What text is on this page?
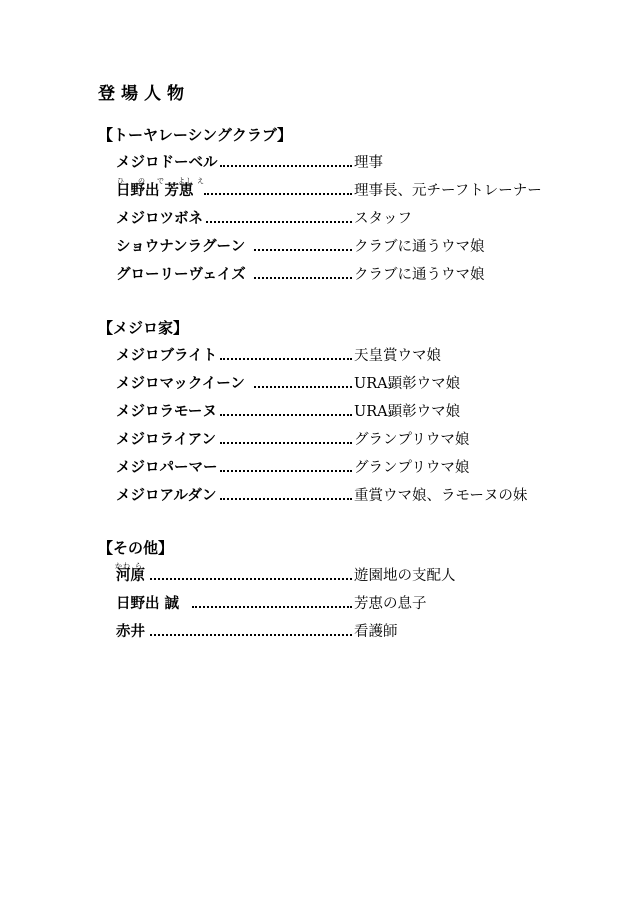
登場人物
【トーヤレーシングクラブ】
メジロドーベル	理事
ひ の で よし え
日野出 芳恵	理事長、元チーフトレーナー
メジロツボネ	スタッフ
ショウナンラグーン	クラブに通うウマ娘
グローリーヴェイズ	クラブに通うウマ娘
【メジロ家】
メジロブライト	天皇賞ウマ娘
メジロマックイーン	URA顕彰ウマ娘
メジロラモーヌ	URA顕彰ウマ娘
メジロライアン	グランプリウマ娘
メジロパーマー	グランプリウマ娘
メジロアルダン	重賞ウマ娘、ラモーヌの妹
【その他】
かわ ら
河原	遊園地の支配人
日野出 誠	芳恵の息子
赤井	看護師
